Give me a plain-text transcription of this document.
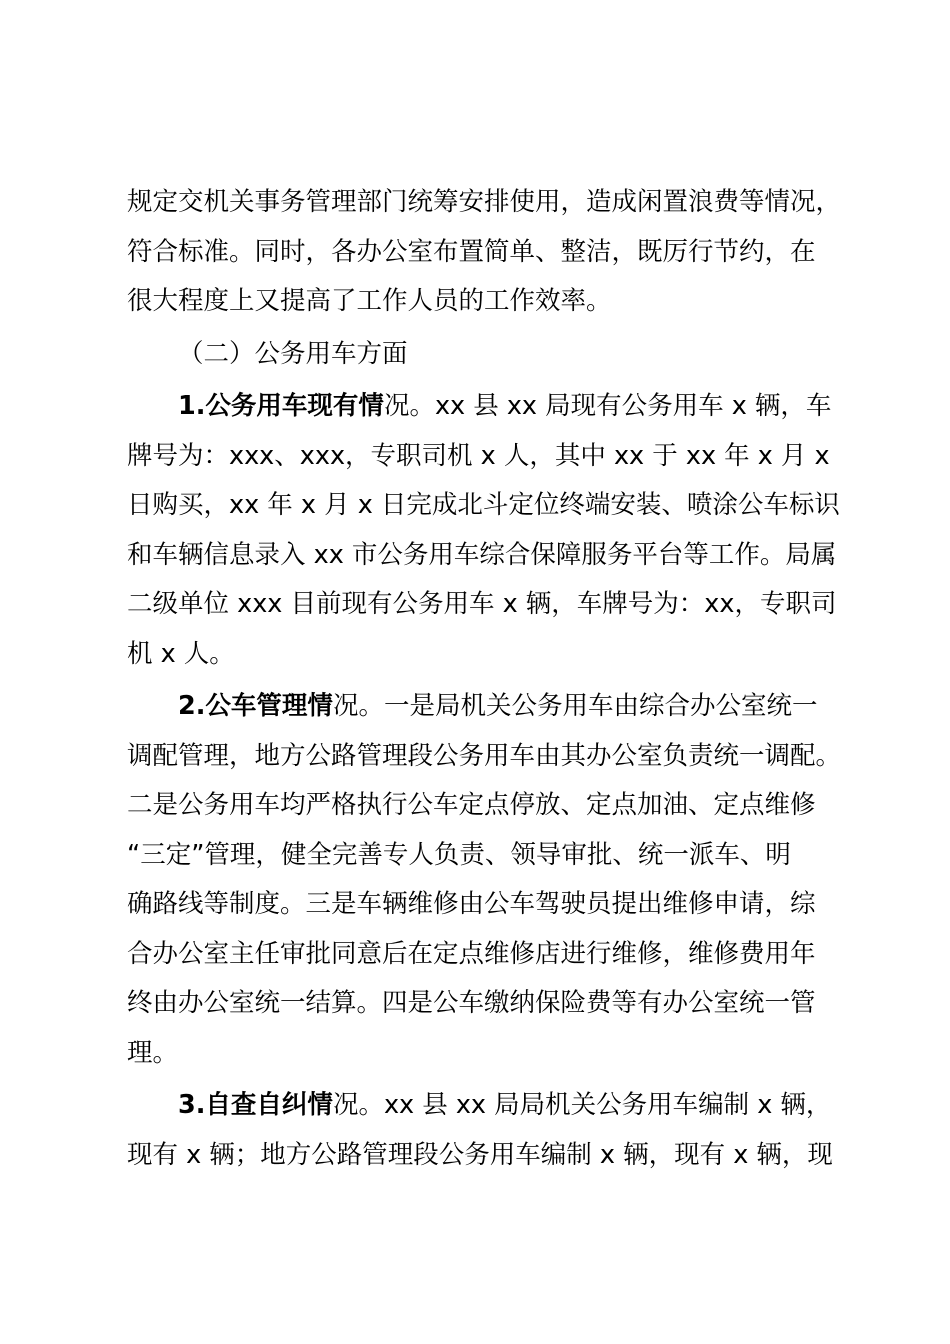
规定交机关事务管理部门统筹安排使用，造成闲置浪费等情况，
符合标准。同时，各办公室布置简单、整洁，既厉行节约，在
很大程度上又提高了工作人员的工作效率。
（二）公务用车方面
1.公务用车现有情况。xx 县 xx 局现有公务用车 x 辆，车
牌号为：xxx、xxx，专职司机 x 人，其中 xx 于 xx 年 x 月 x
日购买，xx 年 x 月 x 日完成北斗定位终端安装、喷涂公车标识
和车辆信息录入 xx 市公务用车综合保障服务平台等工作。局属
二级单位 xxx 目前现有公务用车 x 辆，车牌号为：xx，专职司
机 x 人。
2.公车管理情况。一是局机关公务用车由综合办公室统一
调配管理，地方公路管理段公务用车由其办公室负责统一调配。
二是公务用车均严格执行公车定点停放、定点加油、定点维修
“三定”管理，健全完善专人负责、领导审批、统一派车、明
确路线等制度。三是车辆维修由公车驾驶员提出维修申请，综
合办公室主任审批同意后在定点维修店进行维修，维修费用年
终由办公室统一结算。四是公车缴纳保险费等有办公室统一管
理。
3.自查自纠情况。xx 县 xx 局局机关公务用车编制 x 辆，
现有 x 辆；地方公路管理段公务用车编制 x 辆，现有 x 辆，现
